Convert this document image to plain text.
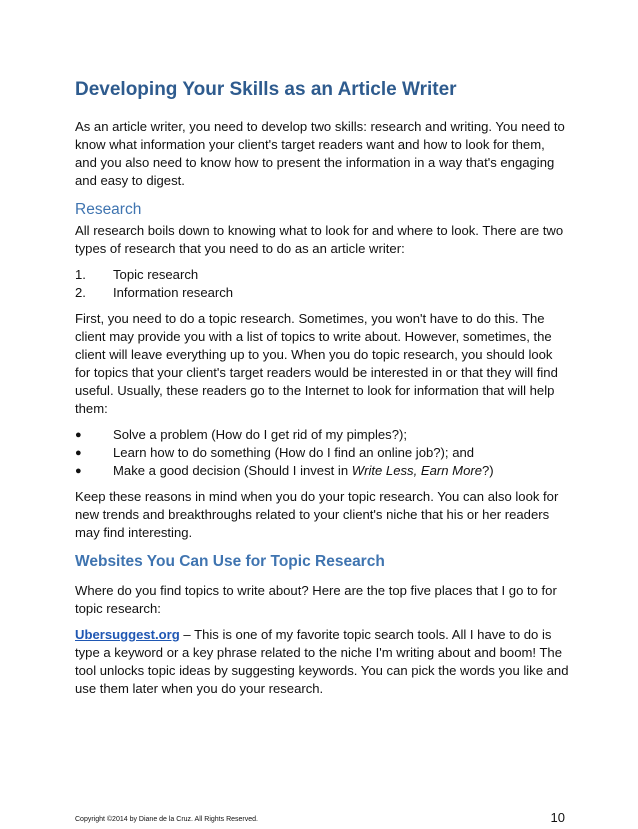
Developing Your Skills as an Article Writer

As an article writer, you need to develop two skills: research and writing. You need to know what information your client's target readers want and how to look for them, and you also need to know how to present the information in a way that's engaging and easy to digest.

Research

All research boils down to knowing what to look for and where to look. There are two types of research that you need to do as an article writer:

1.	Topic research
2.	Information research

First, you need to do a topic research. Sometimes, you won't have to do this. The client may provide you with a list of topics to write about. However, sometimes, the client will leave everything up to you. When you do topic research, you should look for topics that your client's target readers would be interested in or that they will find useful. Usually, these readers go to the Internet to look for information that will help them:

●	Solve a problem (How do I get rid of my pimples?);
●	Learn how to do something (How do I find an online job?); and
●	Make a good decision (Should I invest in Write Less, Earn More?)

Keep these reasons in mind when you do your topic research. You can also look for new trends and breakthroughs related to your client's niche that his or her readers may find interesting.

Websites You Can Use for Topic Research

Where do you find topics to write about? Here are the top five places that I go to for topic research:

Ubersuggest.org – This is one of my favorite topic search tools. All I have to do is type a keyword or a key phrase related to the niche I'm writing about and boom! The tool unlocks topic ideas by suggesting keywords. You can pick the words you like and use them later when you do your research.

Copyright ©2014 by Diane de la Cruz. All Rights Reserved.	10
